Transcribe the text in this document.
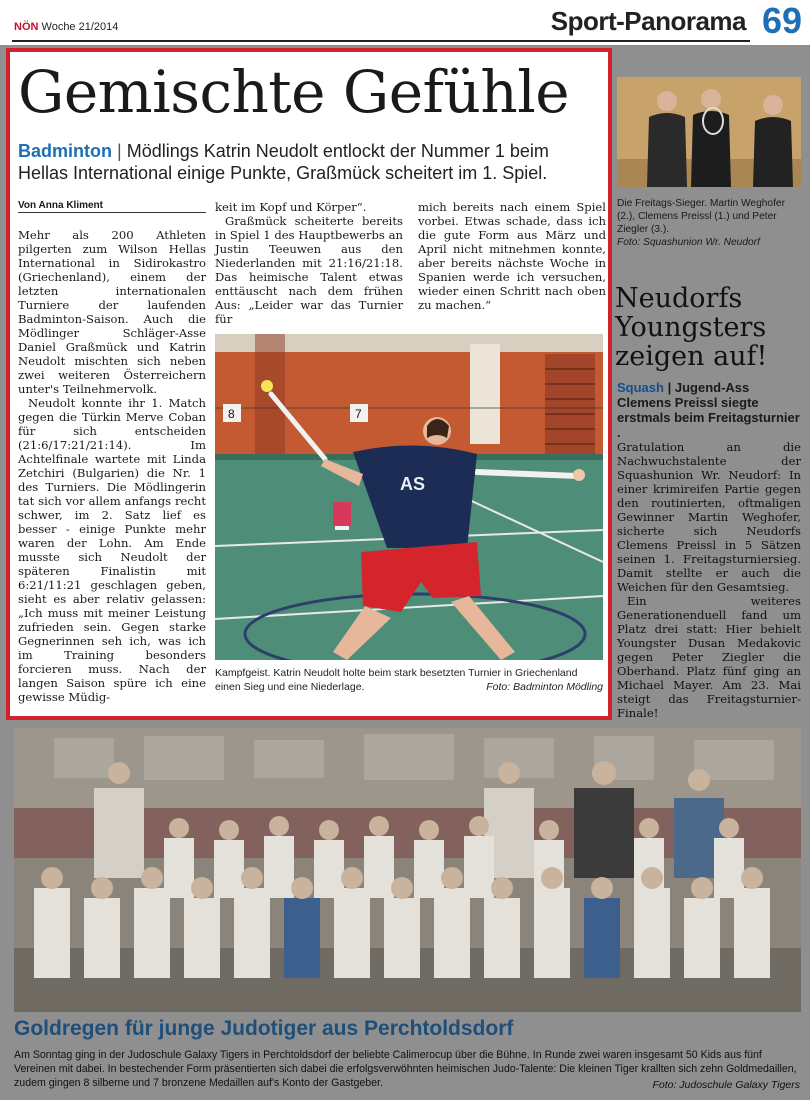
NÖN Woche 21/2014	Sport-Panorama 69
Gemischte Gefühle
Badminton | Mödlings Katrin Neudolt entlockt der Nummer 1 beim Hellas International einige Punkte, Graßmück scheitert im 1. Spiel.
Von Anna Kliment

Mehr als 200 Athleten pilgerten zum Wilson Hellas International in Sidirokastro (Griechenland), einem der letzten internationalen Turniere der laufenden Badminton-Saison. Auch die Mödlinger Schläger-Asse Daniel Graßmück und Katrin Neudolt mischten sich neben zwei weiteren Österreichern unter's Teilnehmervolk.

Neudolt konnte ihr 1. Match gegen die Türkin Merve Coban für sich entscheiden (21:6/17:21/21:14). Im Achtelfinale wartete mit Linda Zetchiri (Bulgarien) die Nr. 1 des Turniers. Die Mödlingerin tat sich vor allem anfangs recht schwer, im 2. Satz lief es besser - einige Punkte mehr waren der Lohn. Am Ende musste sich Neudolt der späteren Finalistin mit 6:21/11:21 geschlagen geben, sieht es aber relativ gelassen: „Ich muss mit meiner Leistung zufrieden sein. Gegen starke Gegnerinnen seh ich, was ich im Training besonders forcieren muss. Nach der langen Saison spüre ich eine gewisse Müdig-

keit im Kopf und Körper“.

Graßmück scheiterte bereits in Spiel 1 des Hauptbewerbs an Justin Teeuwen aus den Niederlanden mit 21:16/21:18. Das heimische Talent etwas enttäuscht nach dem frühen Aus: „Leider war das Turnier für

mich bereits nach einem Spiel vorbei. Etwas schade, dass ich die gute Form aus März und April nicht mitnehmen konnte, aber bereits nächste Woche in Spanien werde ich versuchen, wieder einen Schritt nach oben zu machen.“

8	7
AS
Kampfgeist. Katrin Neudolt holte beim stark besetzten Turnier in Griechenland einen Sieg und eine Niederlage.	Foto: Badminton Mödling
Die Freitags-Sieger. Martin Weghofer (2.), Clemens Preissl (1.) und Peter Ziegler (3.).
Foto: Squashunion Wr. Neudorf
Neudorfs Youngsters zeigen auf!
Squash | Jugend-Ass Clemens Preissl siegte erstmals beim Freitagsturnier .

Gratulation an die Nachwuchstalente der Squashunion Wr. Neudorf: In einer krimireifen Partie gegen den routinierten, oftmaligen Gewinner Martin Weghofer, sicherte sich Neudorfs Clemens Preissl in 5 Sätzen seinen 1. Freitagsturniersieg. Damit stellte er auch die Weichen für den Gesamtsieg.

Ein weiteres Generationenduell fand um Platz drei statt: Hier behielt Youngster Dusan Medakovic gegen Peter Ziegler die Oberhand. Platz fünf ging an Michael Mayer. Am 23. Mai steigt das Freitagsturnier-Finale!

Goldregen für junge Judotiger aus Perchtoldsdorf
Am Sonntag ging in der Judoschule Galaxy Tigers in Perchtoldsdorf der beliebte Calimerocup über die Bühne. In Runde zwei waren insgesamt 50 Kids aus fünf Vereinen mit dabei. In bestechender Form präsentierten sich dabei die erfolgsverwöhnten heimischen Judo-Talente: Die kleinen Tiger krallten sich zehn Goldmedaillen, zudem gingen 8 silberne und 7 bronzene Medaillen auf's Konto der Gastgeber.	Foto: Judoschule Galaxy Tigers
